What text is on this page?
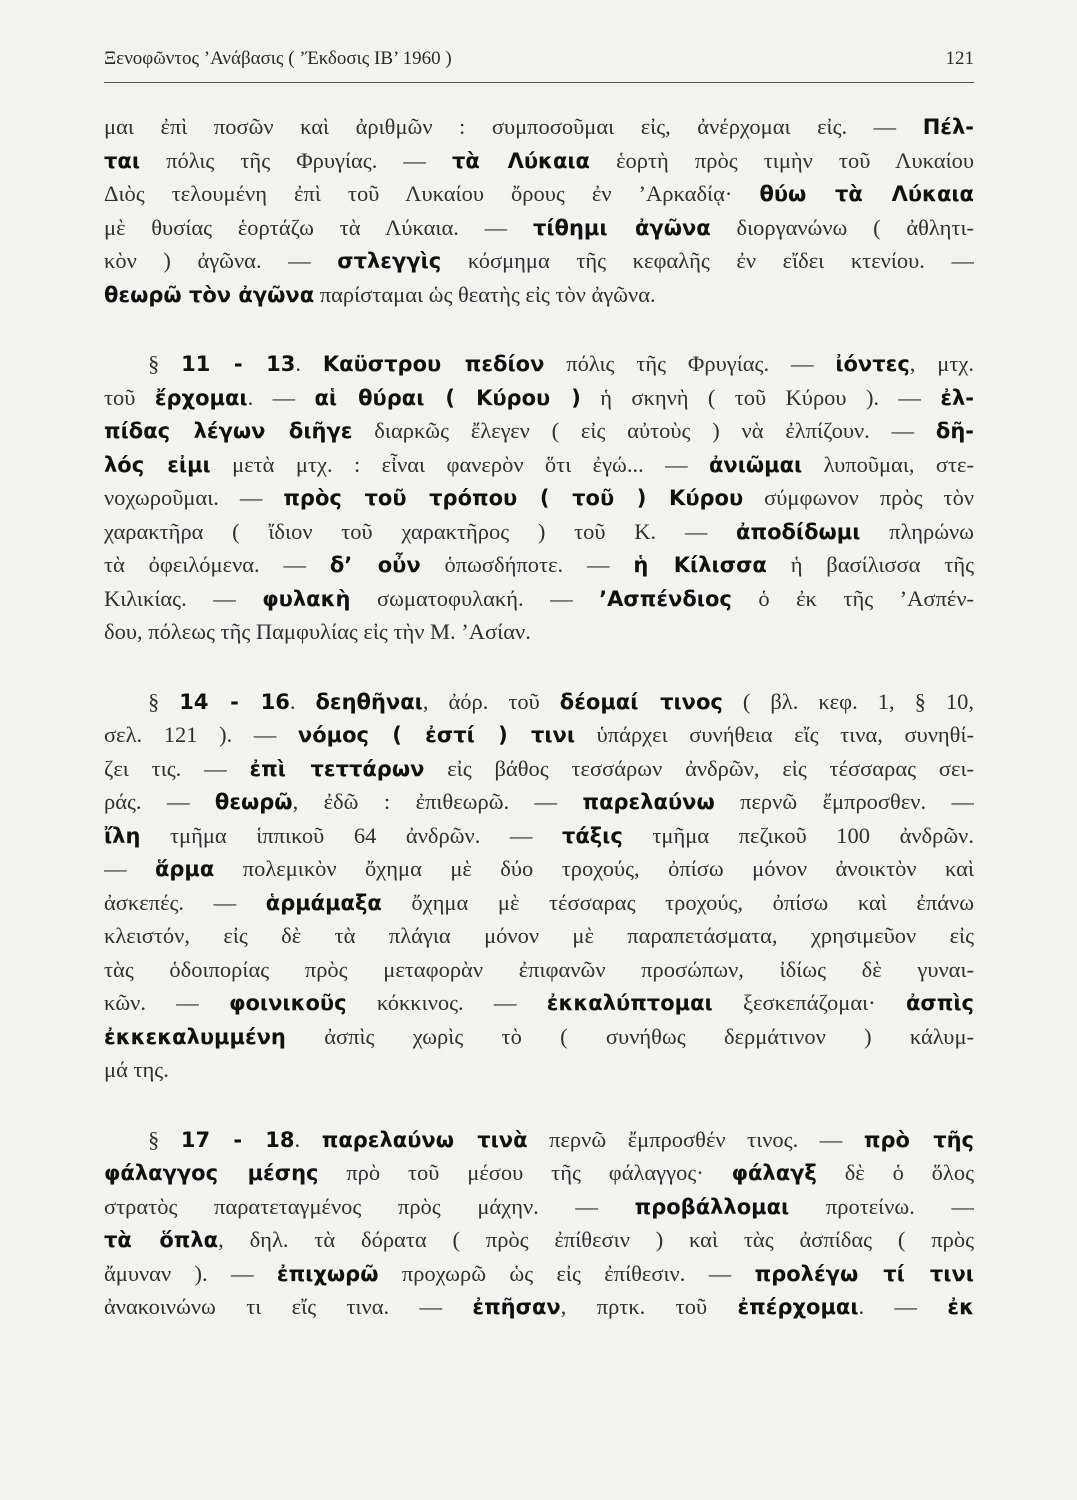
Ξενοφῶντος ’Ανάβασις ( ’Έκδοσις ΙΒ’ 1960 )	121
μαι ἐπὶ ποσῶν καὶ ἀριθμῶν : συμποσοῦμαι εἰς, ἀνέρχομαι εἰς. — Πέλ-
ται πόλις τῆς Φρυγίας. — τὰ Λύκαια ἑορτὴ πρὸς τιμὴν τοῦ Λυκαίου
Διὸς τελουμένη ἐπὶ τοῦ Λυκαίου ὄρους ἐν ’Αρκαδίᾳ· θύω τὰ Λύκαια
μὲ θυσίας ἑορτάζω τὰ Λύκαια. — τίθημι ἀγῶνα διοργανώνω ( ἀθλητι-
κὸν ) ἀγῶνα. — στλεγγὶς κόσμημα τῆς κεφαλῆς ἐν εἴδει κτενίου. —
θεωρῶ τὸν ἀγῶνα παρίσταμαι ὡς θεατὴς εἰς τὸν ἀγῶνα.
§ 11 - 13. Καϋστρου πεδίον πόλις τῆς Φρυγίας. — ἰόντες, μτχ.
τοῦ ἔρχομαι. — αἱ θύραι ( Κύρου ) ἡ σκηνὴ ( τοῦ Κύρου ). — ἐλ-
πίδας λέγων διῆγε διαρκῶς ἔλεγεν ( εἰς αὐτοὺς ) νὰ ἐλπίζουν. — δῆ-
λός εἰμι μετὰ μτχ. : εἶναι φανερὸν ὅτι ἐγώ... — ἀνιῶμαι λυποῦμαι, στε-
νοχωροῦμαι. — πρὸς τοῦ τρόπου ( τοῦ ) Κύρου σύμφωνον πρὸς τὸν
χαρακτῆρα ( ἴδιον τοῦ χαρακτῆρος ) τοῦ Κ. — ἀποδίδωμι πληρώνω
τὰ ὀφειλόμενα. — δ’ οὖν ὁπωσδήποτε. — ἡ Κίλισσα ἡ βασίλισσα τῆς
Κιλικίας. — φυλακὴ σωματοφυλακή. — ’Ασπένδιος ὁ ἐκ τῆς ’Ασπέν-
δου, πόλεως τῆς Παμφυλίας εἰς τὴν Μ. ’Ασίαν.
§ 14 - 16. δεηθῆναι, ἀόρ. τοῦ δέομαί τινος ( βλ. κεφ. 1, § 10,
σελ. 121 ). — νόμος ( ἐστί ) τινι ὑπάρχει συνήθεια εἴς τινα, συνηθί-
ζει τις. — ἐπὶ τεττάρων εἰς βάθος τεσσάρων ἀνδρῶν, εἰς τέσσαρας σει-
ράς. — θεωρῶ, ἐδῶ : ἐπιθεωρῶ. — παρελαύνω περνῶ ἔμπροσθεν. —
ἴλη τμῆμα ἱππικοῦ 64 ἀνδρῶν. — τάξις τμῆμα πεζικοῦ 100 ἀνδρῶν.
— ἅρμα πολεμικὸν ὄχημα μὲ δύο τροχούς, ὀπίσω μόνον ἀνοικτὸν καὶ
ἀσκεπές. — ἁρμάμαξα ὄχημα μὲ τέσσαρας τροχούς, ὀπίσω καὶ ἐπάνω
κλειστόν, εἰς δὲ τὰ πλάγια μόνον μὲ παραπετάσματα, χρησιμεῦον εἰς
τὰς ὁδοιπορίας πρὸς μεταφορὰν ἐπιφανῶν προσώπων, ἰδίως δὲ γυναι-
κῶν. — φοινικοῦς κόκκινος. — ἐκκαλύπτομαι ξεσκεπάζομαι· ἀσπὶς
ἐκκεκαλυμμένη ἀσπὶς χωρὶς τὸ ( συνήθως δερμάτινον ) κάλυμ-
μά της.
§ 17 - 18. παρελαύνω τινὰ περνῶ ἔμπροσθέν τινος. — πρὸ τῆς
φάλαγγος μέσης πρὸ τοῦ μέσου τῆς φάλαγγος· φάλαγξ δὲ ὁ ὅλος
στρατὸς παρατεταγμένος πρὸς μάχην. — προβάλλομαι προτείνω. —
τὰ ὅπλα, δηλ. τὰ δόρατα ( πρὸς ἐπίθεσιν ) καὶ τὰς ἀσπίδας ( πρὸς
ἄμυναν ). — ἐπιχωρῶ προχωρῶ ὡς εἰς ἐπίθεσιν. — προλέγω τί τινι
ἀνακοινώνω τι εἴς τινα. — ἐπῆσαν, πρτκ. τοῦ ἐπέρχομαι. — ἐκ
